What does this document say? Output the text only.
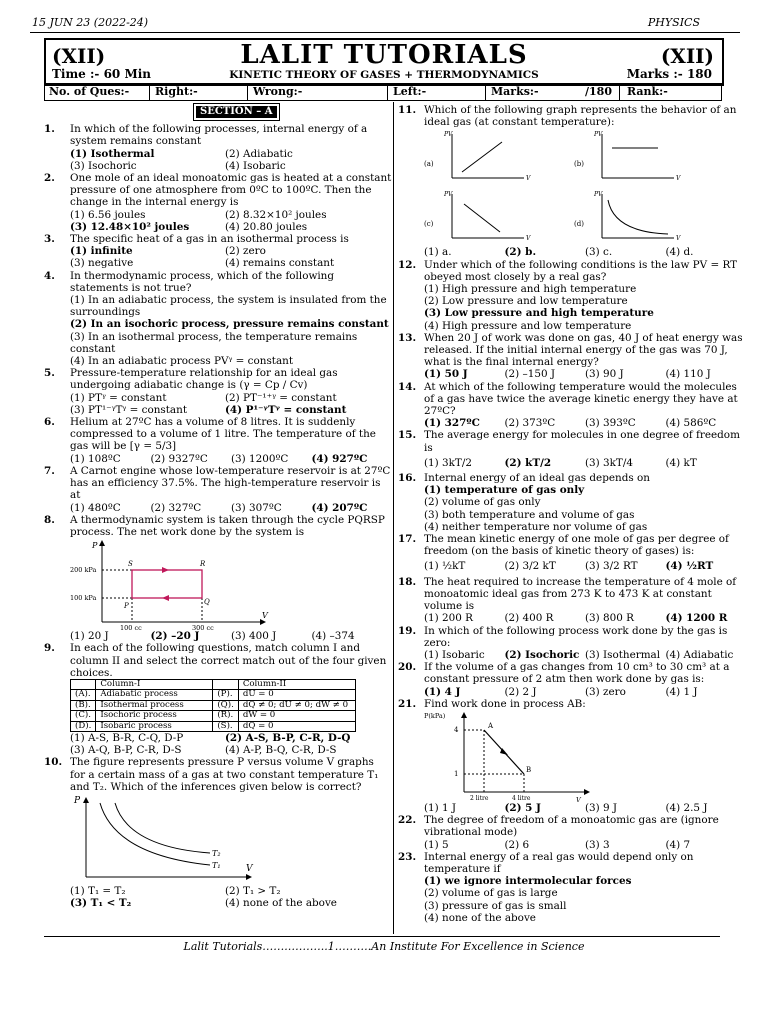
15 JUN 23 (2022-24)	PHYSICS
(XII)	LALIT TUTORIALS	(XII)
Time :- 60 Min	KINETIC THEORY OF GASES + THERMODYNAMICS	Marks :- 180
No. of Ques:- Right:-	Wrong:-	Left:-	Marks:-	/180 Rank:-
SECTION – A
1. In which of the following processes, internal energy of a system remains constant
(1) Isothermal	(2) Adiabatic
(3) Isochoric	(4) Isobaric
2. One mole of an ideal monoatomic gas is heated at a constant pressure of one atmosphere from 0ºC to 100ºC. Then the change in the internal energy is
(1) 6.56 joules	(2) 8.32×10² joules
(3) 12.48×10² joules	(4) 20.80 joules
3. The specific heat of a gas in an isothermal process is
(1) infinite	(2) zero
(3) negative	(4) remains constant
4. In thermodynamic process, which of the following statements is not true?
(1) In an adiabatic process, the system is insulated from the surroundings
(2) In an isochoric process, pressure remains constant
(3) In an isothermal process, the temperature remains constant
(4) In an adiabatic process PVᵞ = constant
5. Pressure-temperature relationship for an ideal gas undergoing adiabatic change is (γ = Cp / Cv)
(1) PTᵞ = constant	(2) PT⁻¹⁺ᵞ = constant
(3) PT¹⁻ᵞTᵞ = constant	(4) P¹⁻ᵞTᵞ = constant
6. Helium at 27ºC has a volume of 8 litres. It is suddenly compressed to a volume of 1 litre. The temperature of the gas will be [γ = 5/3]
(1) 108ºC	(2) 9327ºC	(3) 1200ºC	(4) 927ºC
7. A Carnot engine whose low-temperature reservoir is at 27ºC has an efficiency 37.5%. The high-temperature reservoir is at
(1) 480ºC	(2) 327ºC	(3) 307ºC	(4) 207ºC
8. A thermodynamic system is taken through the cycle PQRSP process. The net work done by the system is
P
V
200 kPa
100 kPa
S	R
P	Q
100 cc	300 cc
(1) 20 J	(2) –20 J	(3) 400 J	(4) –374
9. In each of the following questions, match column I and column II and select the correct match out of the four given choices.
	Column-I		Column-II
(A).	Adiabatic process	(P).	dU = 0
(B).	Isothermal process	(Q).	dQ ≠ 0; dU ≠ 0; dW ≠ 0
(C).	Isochoric process	(R).	dW = 0
(D).	Isobaric process	(S).	dQ = 0
(1) A-S, B-R, C-Q, D-P	(2) A-S, B-P, C-R, D-Q
(3) A-Q, B-P, C-R, D-S	(4) A-P, B-Q, C-R, D-S
10. The figure represents pressure P versus volume V graphs for a certain mass of a gas at two constant temperature T₁ and T₂. Which of the inferences given below is correct?
P
V
T₂
T₁
(1) T₁ = T₂	(2) T₁ > T₂
(3) T₁ < T₂	(4) none of the above
11. Which of the following graph represents the behavior of an ideal gas (at constant temperature):
(a)
PV
V
(b)
PV
V
(c)
PV
V
(d)
PV
V
(1) a.	(2) b.	(3) c.	(4) d.
12. Under which of the following conditions is the law PV = RT obeyed most closely by a real gas?
(1) High pressure and high temperature
(2) Low pressure and low temperature
(3) Low pressure and high temperature
(4) High pressure and low temperature
13. When 20 J of work was done on gas, 40 J of heat energy was released. If the initial internal energy of the gas was 70 J, what is the final internal energy?
(1) 50 J	(2) –150 J	(3) 90 J	(4) 110 J
14. At which of the following temperature would the molecules of a gas have twice the average kinetic energy they have at 27ºC?
(1) 327ºC	(2) 373ºC	(3) 393ºC	(4) 586ºC
15. The average energy for molecules in one degree of freedom is
(1) 3kT/2	(2) kT/2	(3) 3kT/4	(4) kT
16. Internal energy of an ideal gas depends on
(1) temperature of gas only
(2) volume of gas only
(3) both temperature and volume of gas
(4) neither temperature nor volume of gas
17. The mean kinetic energy of one mole of gas per degree of freedom (on the basis of kinetic theory of gases) is:
(1) ½kT	(2) 3/2 kT	(3) 3/2 RT	(4) ½RT
18. The heat required to increase the temperature of 4 mole of monoatomic ideal gas from 273 K to 473 K at constant volume is
(1) 200 R	(2) 400 R	(3) 800 R	(4) 1200 R
19. In which of the following process work done by the gas is zero:
(1) Isobaric	(2) Isochoric (3) Isothermal (4) Adiabatic
20. If the volume of a gas changes from 10 cm³ to 30 cm³ at a constant pressure of 2 atm then work done by gas is:
(1) 4 J	(2) 2 J	(3) zero	(4) 1 J
21. Find work done in process AB:
P(kPa)
V
4
1
A
B
2 litre	4 litre
(1) 1 J	(2) 5 J	(3) 9 J	(4) 2.5 J
22. The degree of freedom of a monoatomic gas are (ignore vibrational mode)
(1) 5	(2) 6	(3) 3	(4) 7
23. Internal energy of a real gas would depend only on temperature if
(1) we ignore intermolecular forces
(2) volume of gas is large
(3) pressure of gas is small
(4) none of the above
Lalit Tutorials…….………..1……….An Institute For Excellence in Science
